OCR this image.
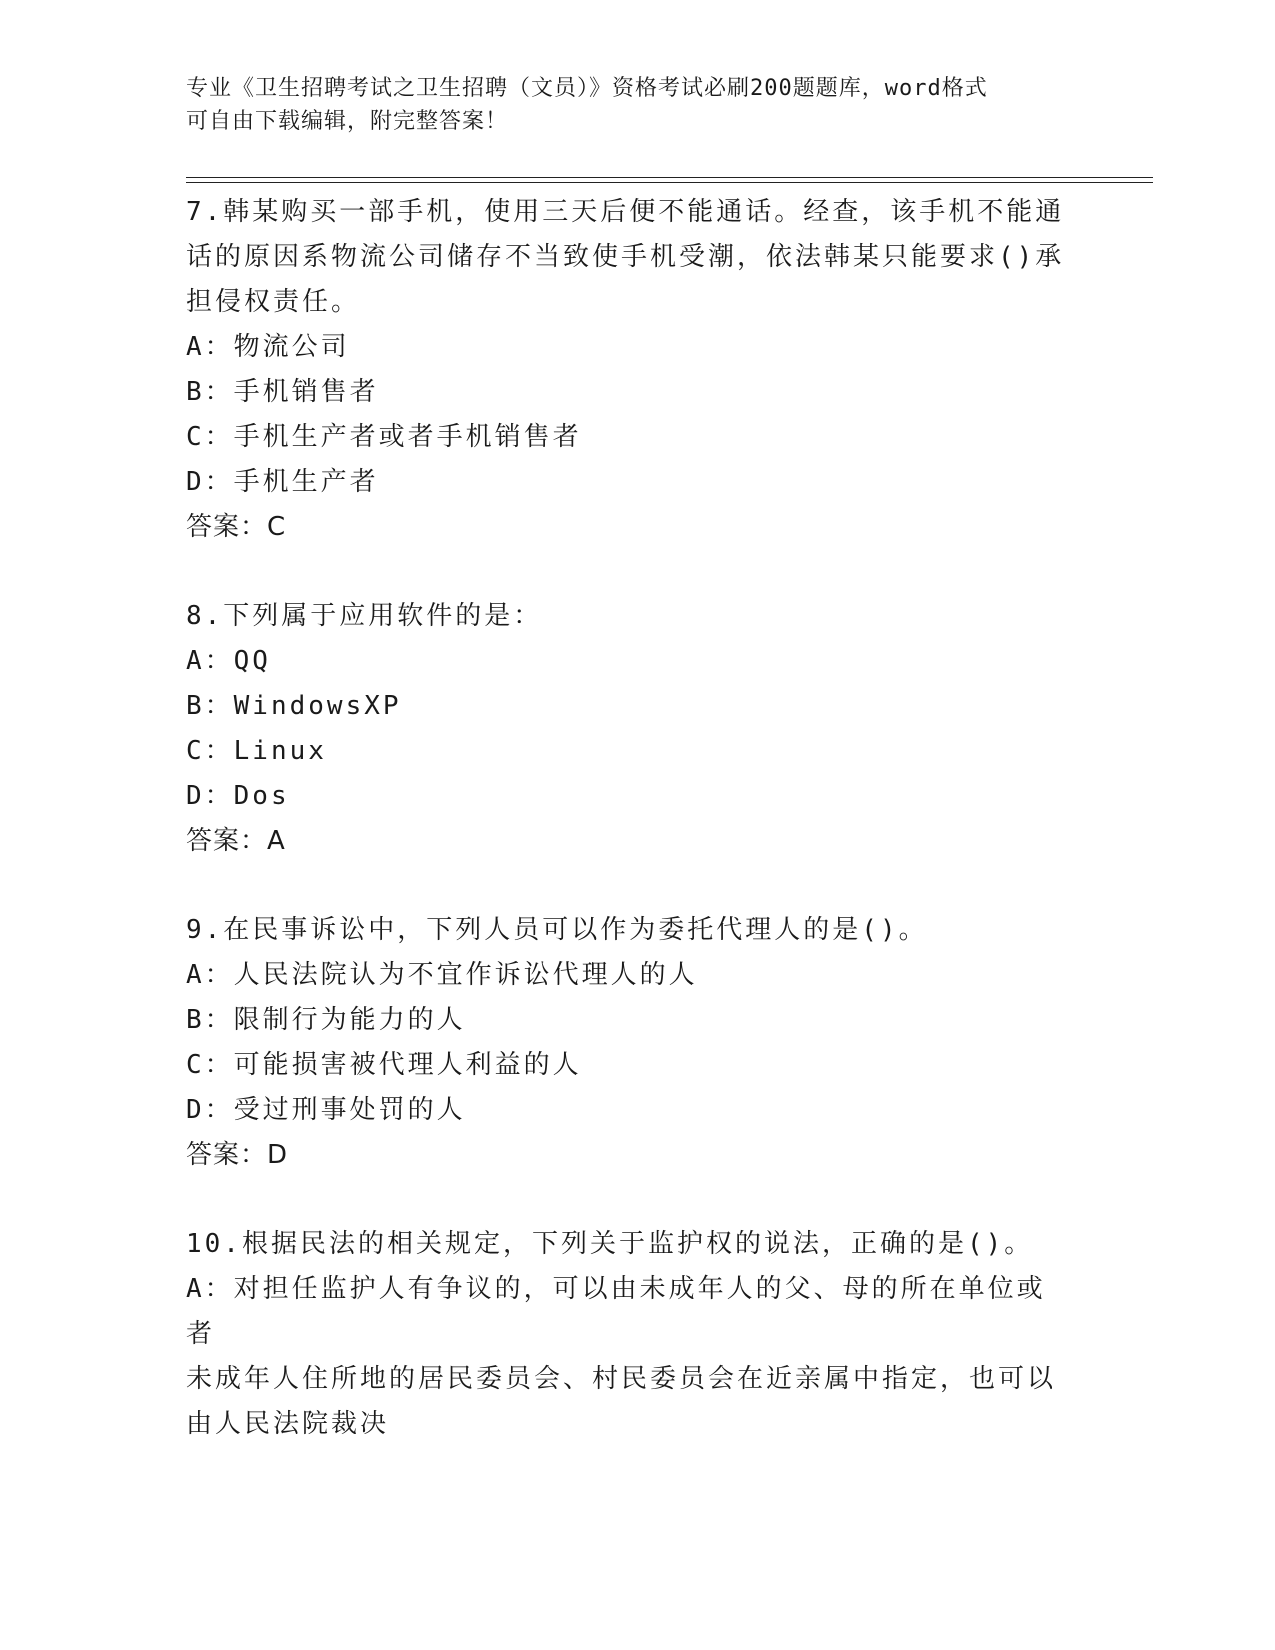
专业《卫生招聘考试之卫生招聘（文员）》资格考试必刷200题题库，word格式
可自由下载编辑，附完整答案！

7.韩某购买一部手机，使用三天后便不能通话。经查，该手机不能通

话的原因系物流公司储存不当致使手机受潮，依法韩某只能要求()承

担侵权责任。

A：物流公司

B：手机销售者

C：手机生产者或者手机销售者

D：手机生产者

答案：C

8.下列属于应用软件的是：

A：QQ

B：WindowsXP

C：Linux

D：Dos

答案：A

9.在民事诉讼中，下列人员可以作为委托代理人的是()。

A：人民法院认为不宜作诉讼代理人的人

B：限制行为能力的人

C：可能损害被代理人利益的人

D：受过刑事处罚的人

答案：D

10.根据民法的相关规定，下列关于监护权的说法，正确的是()。

A：对担任监护人有争议的，可以由未成年人的父、母的所在单位或者

未成年人住所地的居民委员会、村民委员会在近亲属中指定，也可以

由人民法院裁决
